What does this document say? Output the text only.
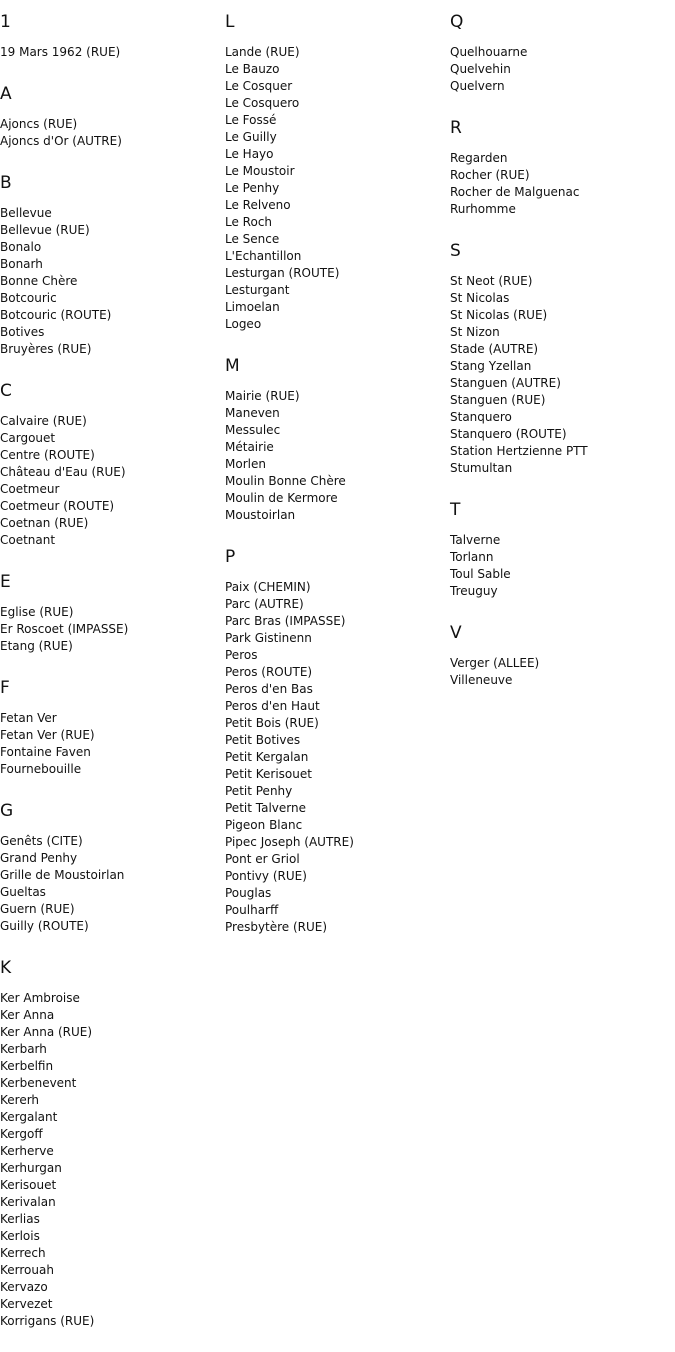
1
19 Mars 1962 (RUE)
A
Ajoncs (RUE)
Ajoncs d'Or (AUTRE)
B
Bellevue
Bellevue (RUE)
Bonalo
Bonarh
Bonne Chère
Botcouric
Botcouric (ROUTE)
Botives
Bruyères (RUE)
C
Calvaire (RUE)
Cargouet
Centre (ROUTE)
Château d'Eau (RUE)
Coetmeur
Coetmeur (ROUTE)
Coetnan (RUE)
Coetnant
E
Eglise (RUE)
Er Roscoet (IMPASSE)
Etang (RUE)
F
Fetan Ver
Fetan Ver (RUE)
Fontaine Faven
Fournebouille
G
Genêts (CITE)
Grand Penhy
Grille de Moustoirlan
Gueltas
Guern (RUE)
Guilly (ROUTE)
K
Ker Ambroise
Ker Anna
Ker Anna (RUE)
Kerbarh
Kerbelfin
Kerbenevent
Kererh
Kergalant
Kergoff
Kerherve
Kerhurgan
Kerisouet
Kerivalan
Kerlias
Kerlois
Kerrech
Kerrouah
Kervazo
Kervezet
Korrigans (RUE)
L
Lande (RUE)
Le Bauzo
Le Cosquer
Le Cosquero
Le Fossé
Le Guilly
Le Hayo
Le Moustoir
Le Penhy
Le Relveno
Le Roch
Le Sence
L'Echantillon
Lesturgan (ROUTE)
Lesturgant
Limoelan
Logeo
M
Mairie (RUE)
Maneven
Messulec
Métairie
Morlen
Moulin Bonne Chère
Moulin de Kermore
Moustoirlan
P
Paix (CHEMIN)
Parc (AUTRE)
Parc Bras (IMPASSE)
Park Gistinenn
Peros
Peros (ROUTE)
Peros d'en Bas
Peros d'en Haut
Petit Bois (RUE)
Petit Botives
Petit Kergalan
Petit Kerisouet
Petit Penhy
Petit Talverne
Pigeon Blanc
Pipec Joseph (AUTRE)
Pont er Griol
Pontivy (RUE)
Pouglas
Poulharff
Presbytère (RUE)
Q
Quelhouarne
Quelvehin
Quelvern
R
Regarden
Rocher (RUE)
Rocher de Malguenac
Rurhomme
S
St Neot (RUE)
St Nicolas
St Nicolas (RUE)
St Nizon
Stade (AUTRE)
Stang Yzellan
Stanguen (AUTRE)
Stanguen (RUE)
Stanquero
Stanquero (ROUTE)
Station Hertzienne PTT
Stumultan
T
Talverne
Torlann
Toul Sable
Treuguy
V
Verger (ALLEE)
Villeneuve
